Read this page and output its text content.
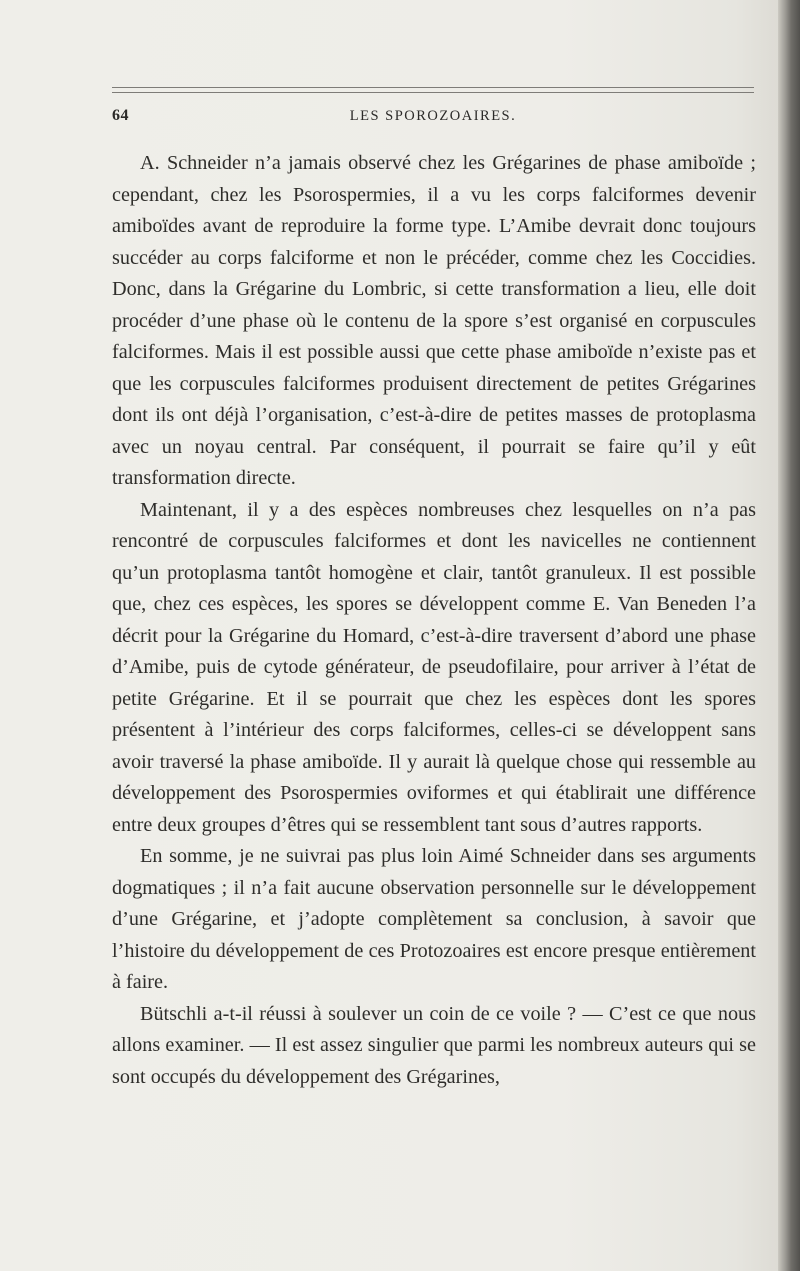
64	LES SPOROZOAIRES.

A. Schneider n’a jamais observé chez les Grégarines de phase amiboïde ; cependant, chez les Psorospermies, il a vu les corps falciformes devenir amiboïdes avant de reproduire la forme type. L’Amibe devrait donc toujours succéder au corps falciforme et non le précéder, comme chez les Coccidies. Donc, dans la Grégarine du Lombric, si cette transformation a lieu, elle doit procéder d’une phase où le contenu de la spore s’est organisé en corpuscules falciformes. Mais il est possible aussi que cette phase amiboïde n’existe pas et que les corpuscules falciformes produisent directement de petites Grégarines dont ils ont déjà l’organisation, c’est-à-dire de petites masses de protoplasma avec un noyau central. Par conséquent, il pourrait se faire qu’il y eût transformation directe.

Maintenant, il y a des espèces nombreuses chez lesquelles on n’a pas rencontré de corpuscules falciformes et dont les navicelles ne contiennent qu’un protoplasma tantôt homogène et clair, tantôt granuleux. Il est possible que, chez ces espèces, les spores se développent comme E. Van Beneden l’a décrit pour la Grégarine du Homard, c’est-à-dire traversent d’abord une phase d’Amibe, puis de cytode générateur, de pseudofilaire, pour arriver à l’état de petite Grégarine. Et il se pourrait que chez les espèces dont les spores présentent à l’intérieur des corps falciformes, celles-ci se développent sans avoir traversé la phase amiboïde. Il y aurait là quelque chose qui ressemble au développement des Psorospermies oviformes et qui établirait une différence entre deux groupes d’êtres qui se ressemblent tant sous d’autres rapports.

En somme, je ne suivrai pas plus loin Aimé Schneider dans ses arguments dogmatiques ; il n’a fait aucune observation personnelle sur le développement d’une Grégarine, et j’adopte complètement sa conclusion, à savoir que l’histoire du développement de ces Protozoaires est encore presque entièrement à faire.

Bütschli a-t-il réussi à soulever un coin de ce voile ? — C’est ce que nous allons examiner. — Il est assez singulier que parmi les nombreux auteurs qui se sont occupés du développement des Grégarines,
